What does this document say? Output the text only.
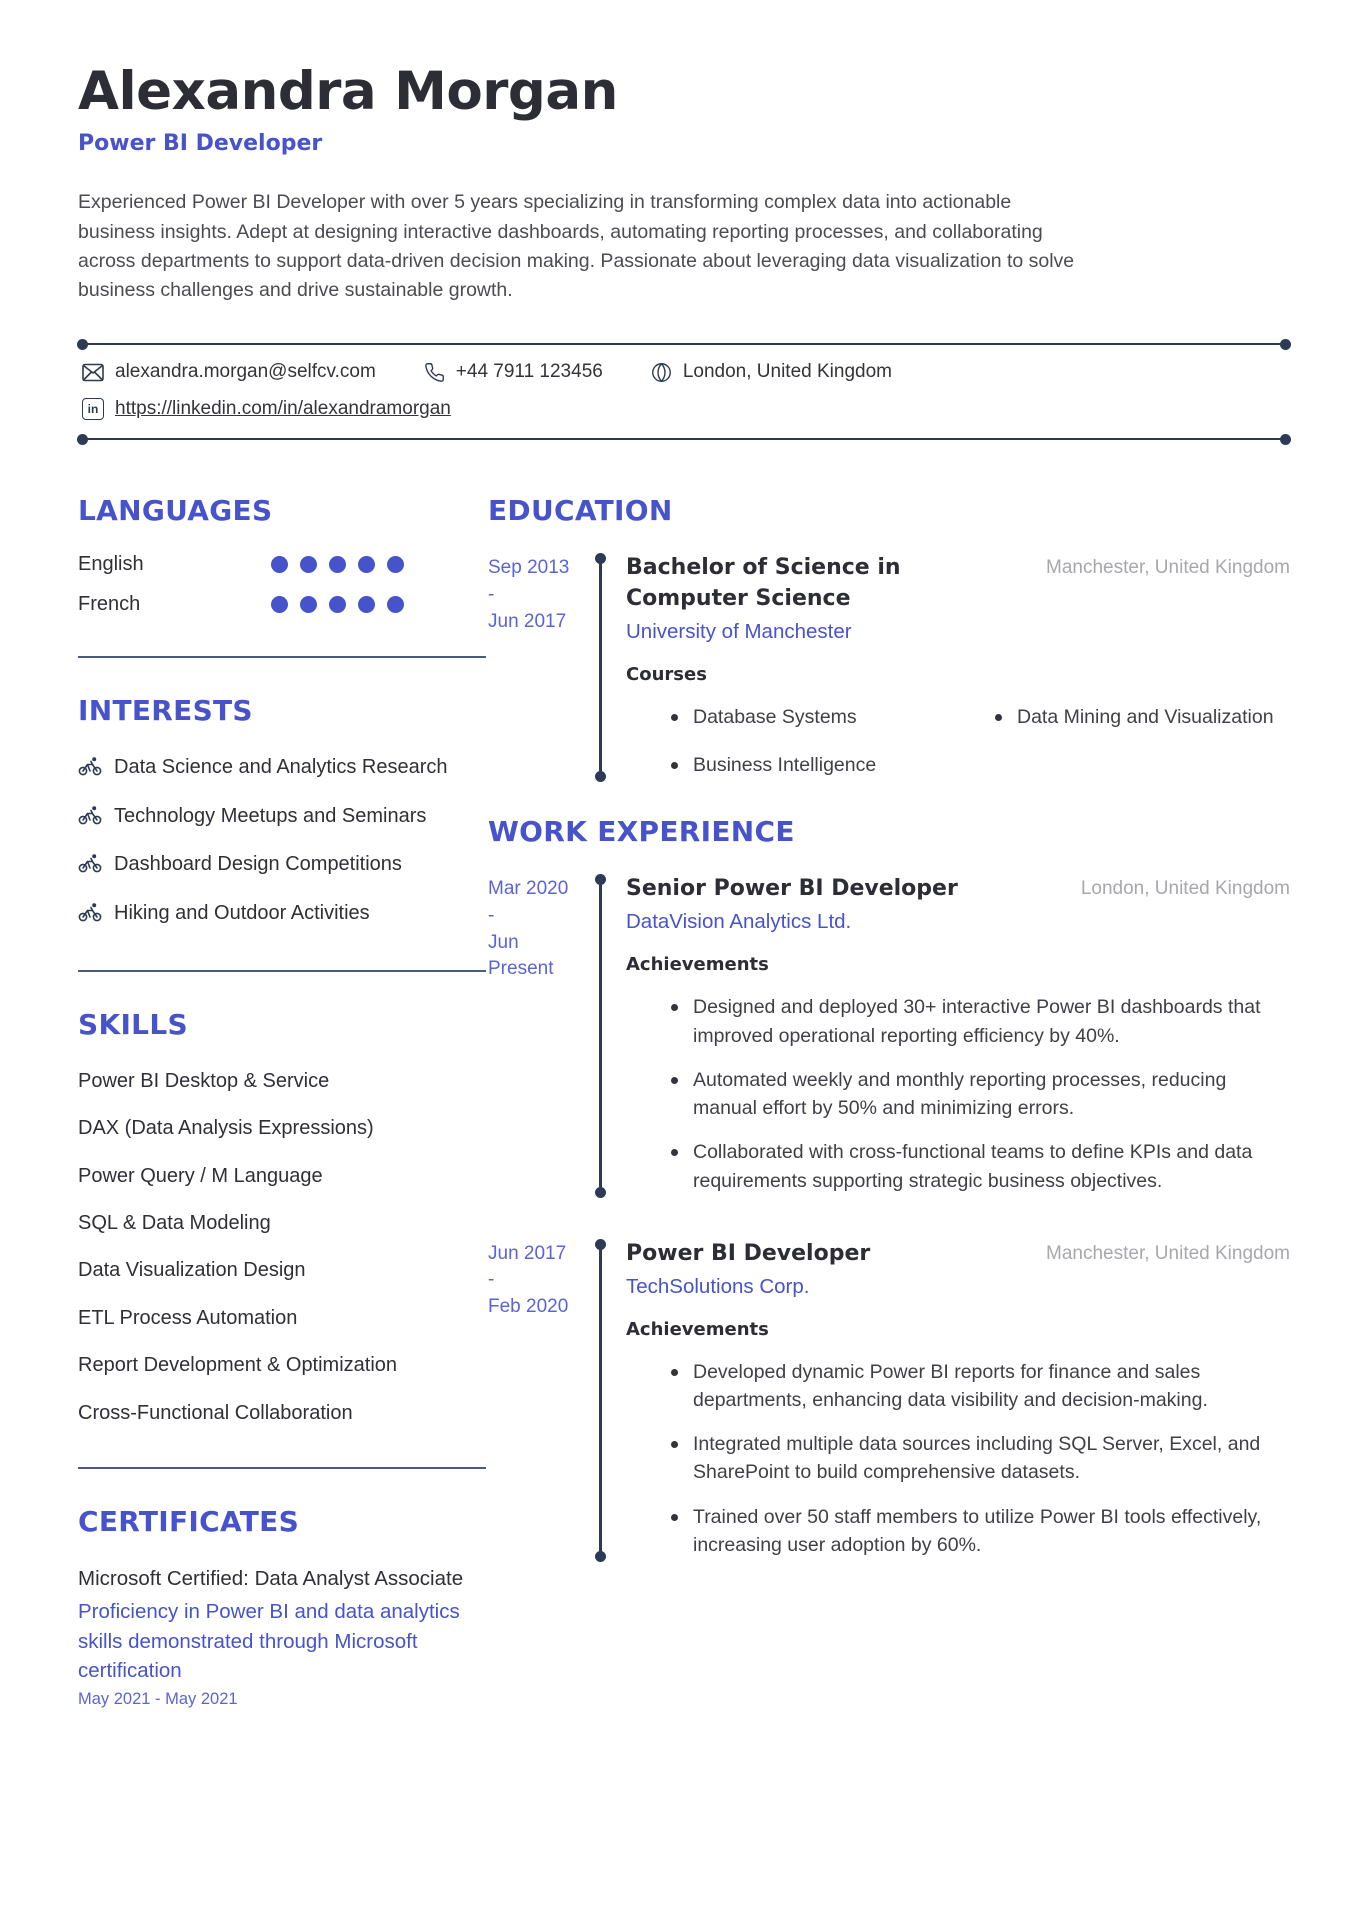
Alexandra Morgan
Power BI Developer

Experienced Power BI Developer with over 5 years specializing in transforming complex data into actionable business insights. Adept at designing interactive dashboards, automating reporting processes, and collaborating across departments to support data-driven decision making. Passionate about leveraging data visualization to solve business challenges and drive sustainable growth.

alexandra.morgan@selfcv.com	+44 7911 123456	London, United Kingdom
in https://linkedin.com/in/alexandramorgan
LANGUAGES
English
French
INTERESTS
Data Science and Analytics Research
Technology Meetups and Seminars
Dashboard Design Competitions
Hiking and Outdoor Activities
SKILLS
Power BI Desktop & Service
DAX (Data Analysis Expressions)
Power Query / M Language
SQL & Data Modeling
Data Visualization Design
ETL Process Automation
Report Development & Optimization
Cross-Functional Collaboration
CERTIFICATES
Microsoft Certified: Data Analyst Associate
Proficiency in Power BI and data analytics skills demonstrated through Microsoft certification
May 2021 - May 2021
EDUCATION
Sep 2013
-
Jun 2017
Bachelor of Science in Computer Science
Manchester, United Kingdom
University of Manchester
Courses
Database Systems	Data Mining and Visualization
Business Intelligence
WORK EXPERIENCE
Mar 2020
-
Jun
Present
Senior Power BI Developer	London, United Kingdom
DataVision Analytics Ltd.
Achievements
Designed and deployed 30+ interactive Power BI dashboards that improved operational reporting efficiency by 40%.
Automated weekly and monthly reporting processes, reducing manual effort by 50% and minimizing errors.
Collaborated with cross-functional teams to define KPIs and data requirements supporting strategic business objectives.
Jun 2017
-
Feb 2020
Power BI Developer	Manchester, United Kingdom
TechSolutions Corp.
Achievements
Developed dynamic Power BI reports for finance and sales departments, enhancing data visibility and decision-making.
Integrated multiple data sources including SQL Server, Excel, and SharePoint to build comprehensive datasets.
Trained over 50 staff members to utilize Power BI tools effectively, increasing user adoption by 60%.
